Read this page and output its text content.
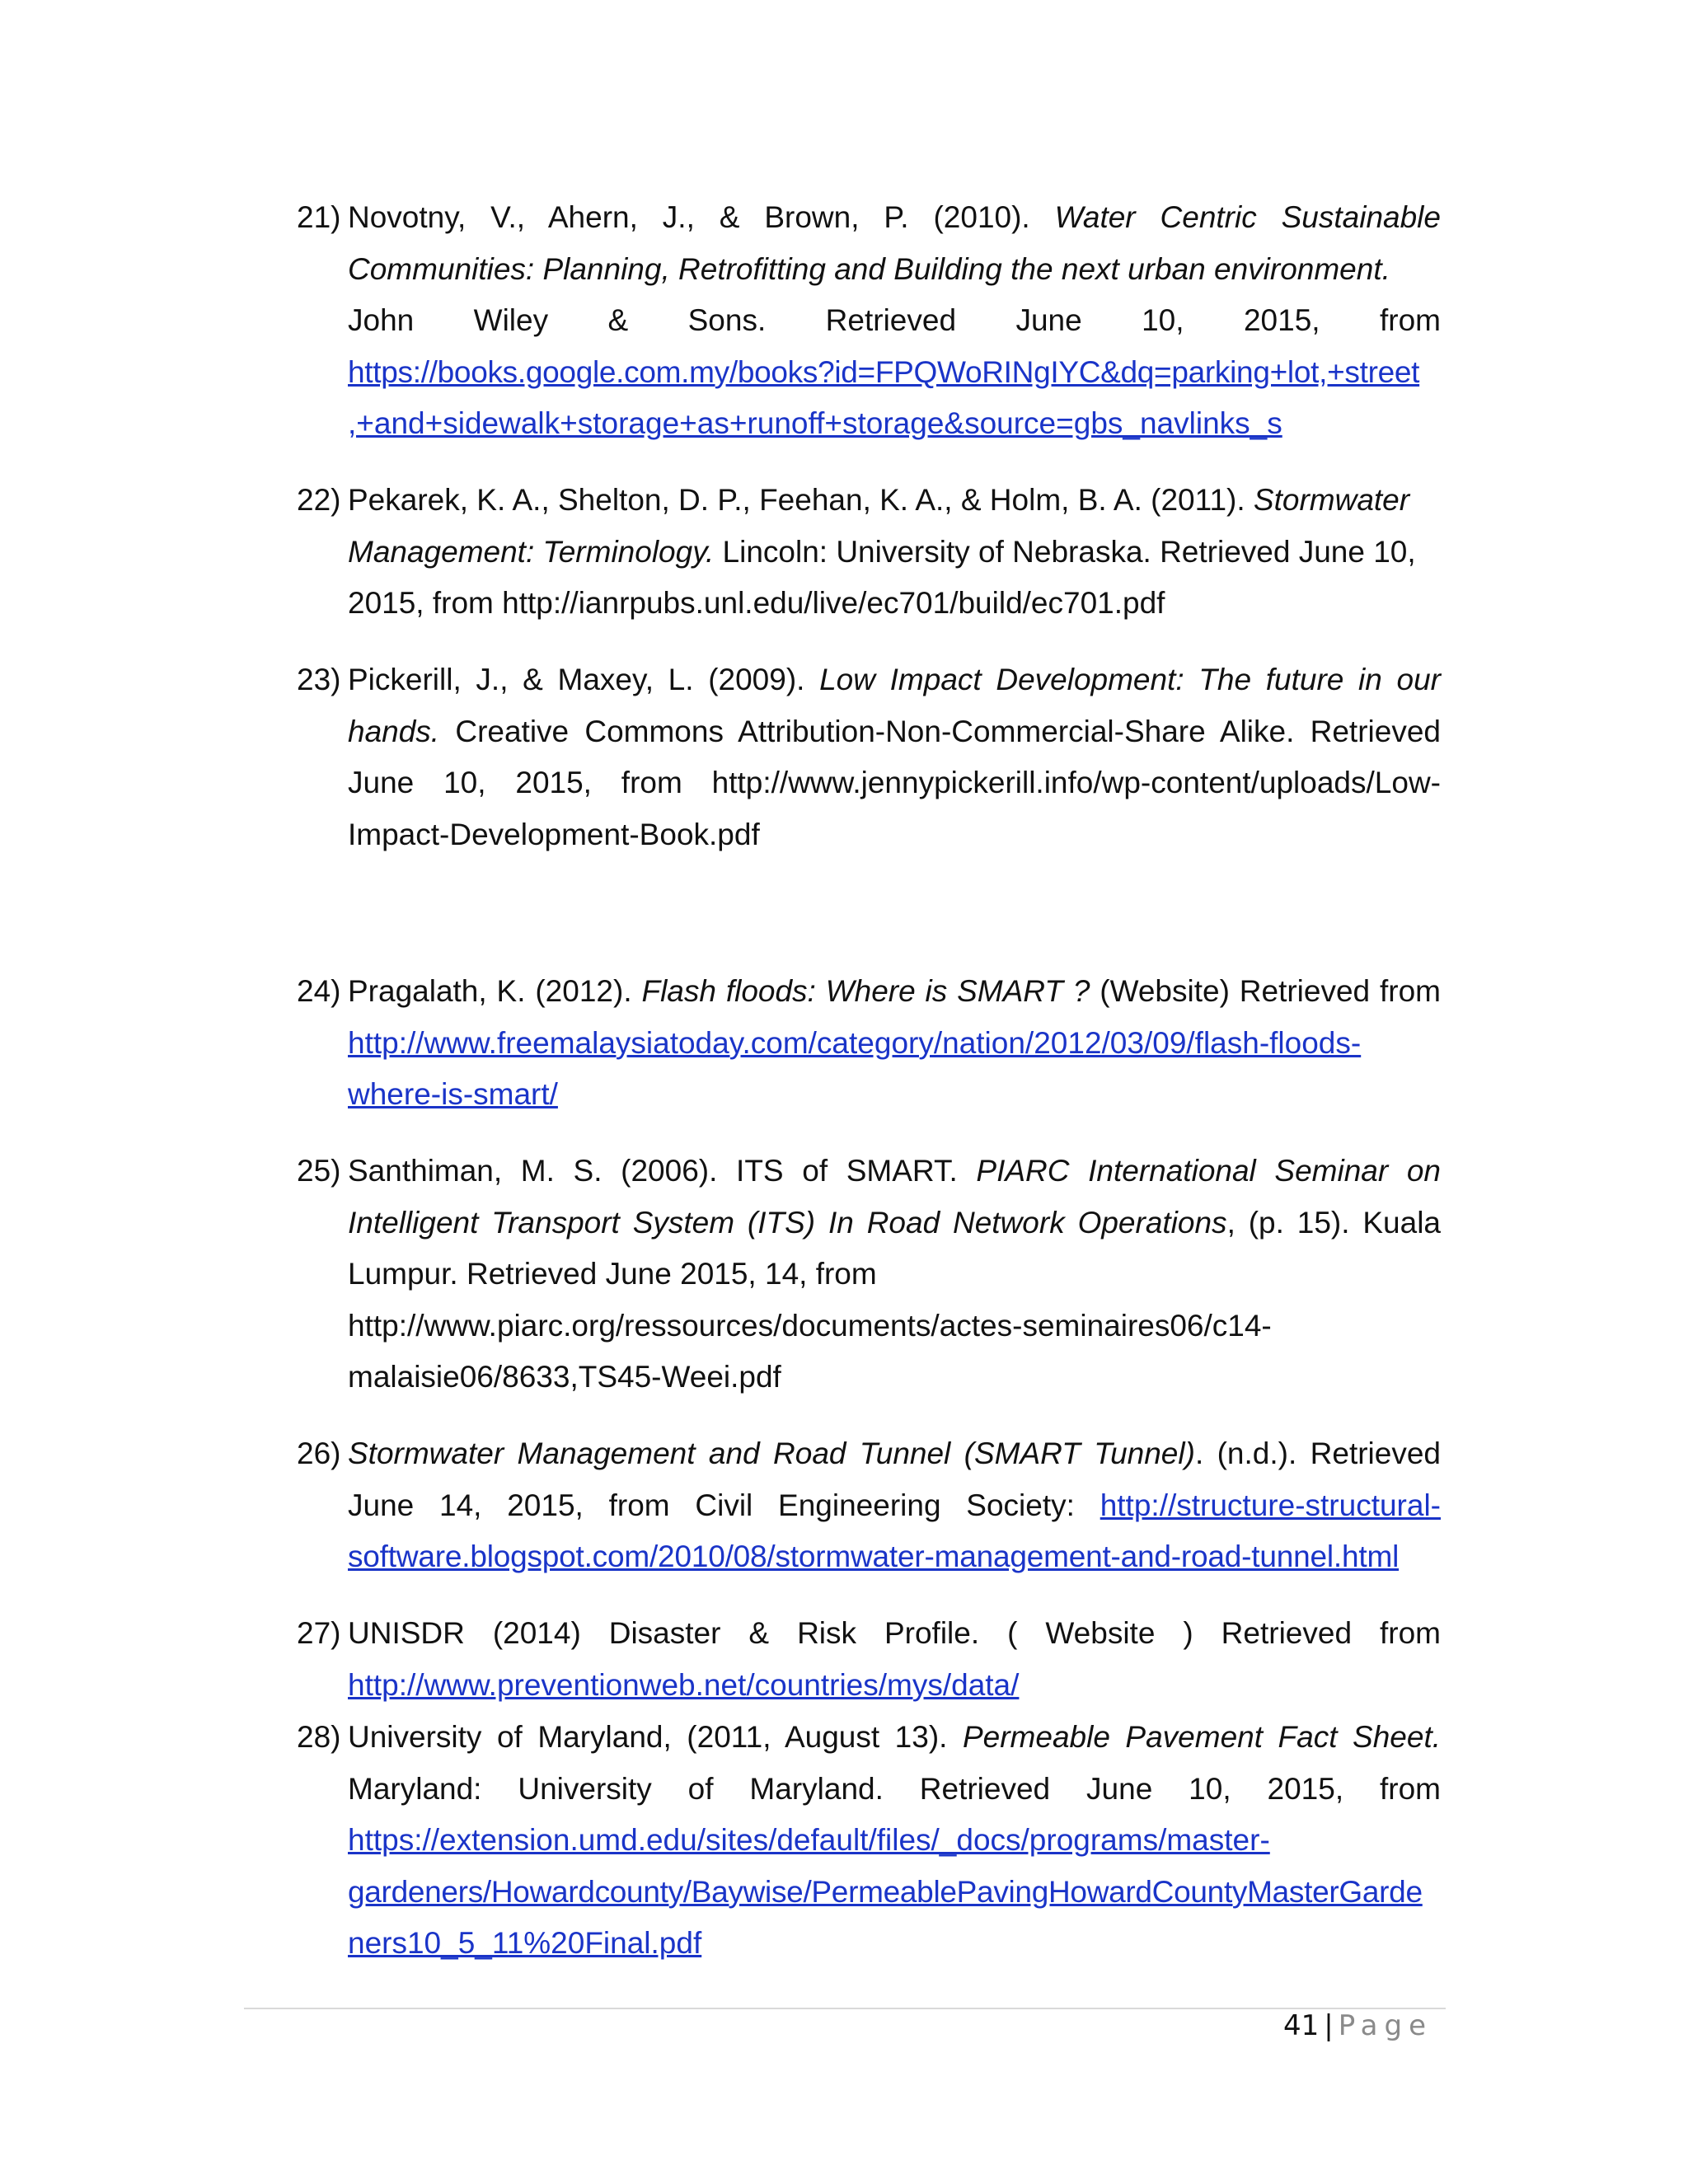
21) Novotny, V., Ahern, J., & Brown, P. (2010). Water Centric Sustainable Communities: Planning, Retrofitting and Building the next urban environment.
John Wiley & Sons. Retrieved June 10, 2015, from
https://books.google.com.my/books?id=FPQWoRINgIYC&dq=parking+lot,+street
,+and+sidewalk+storage+as+runoff+storage&source=gbs_navlinks_s
22) Pekarek, K. A., Shelton, D. P., Feehan, K. A., & Holm, B. A. (2011). Stormwater Management: Terminology. Lincoln: University of Nebraska. Retrieved June 10, 2015, from http://ianrpubs.unl.edu/live/ec701/build/ec701.pdf
23) Pickerill, J., & Maxey, L. (2009). Low Impact Development: The future in our hands. Creative Commons Attribution-Non-Commercial-Share Alike. Retrieved June 10, 2015, from http://www.jennypickerill.info/wp-content/uploads/Low-Impact-Development-Book.pdf
24) Pragalath, K. (2012). Flash floods: Where is SMART ? (Website) Retrieved from
http://www.freemalaysiatoday.com/category/nation/2012/03/09/flash-floods-
where-is-smart/
25) Santhiman, M. S. (2006). ITS of SMART. PIARC International Seminar on Intelligent Transport System (ITS) In Road Network Operations, (p. 15). Kuala Lumpur. Retrieved June 2015, 14, from
http://www.piarc.org/ressources/documents/actes-seminaires06/c14-
malaisie06/8633,TS45-Weei.pdf
26) Stormwater Management and Road Tunnel (SMART Tunnel). (n.d.). Retrieved June 14, 2015, from Civil Engineering Society: http://structure-structural-
software.blogspot.com/2010/08/stormwater-management-and-road-tunnel.html
27) UNISDR (2014) Disaster & Risk Profile. ( Website ) Retrieved from
http://www.preventionweb.net/countries/mys/data/
28) University of Maryland, (2011, August 13). Permeable Pavement Fact Sheet.
Maryland: University of Maryland. Retrieved June 10, 2015, from
https://extension.umd.edu/sites/default/files/_docs/programs/master-
gardeners/Howardcounty/Baywise/PermeablePavingHowardCountyMasterGarde
ners10_5_11%20Final.pdf
41 | Page
